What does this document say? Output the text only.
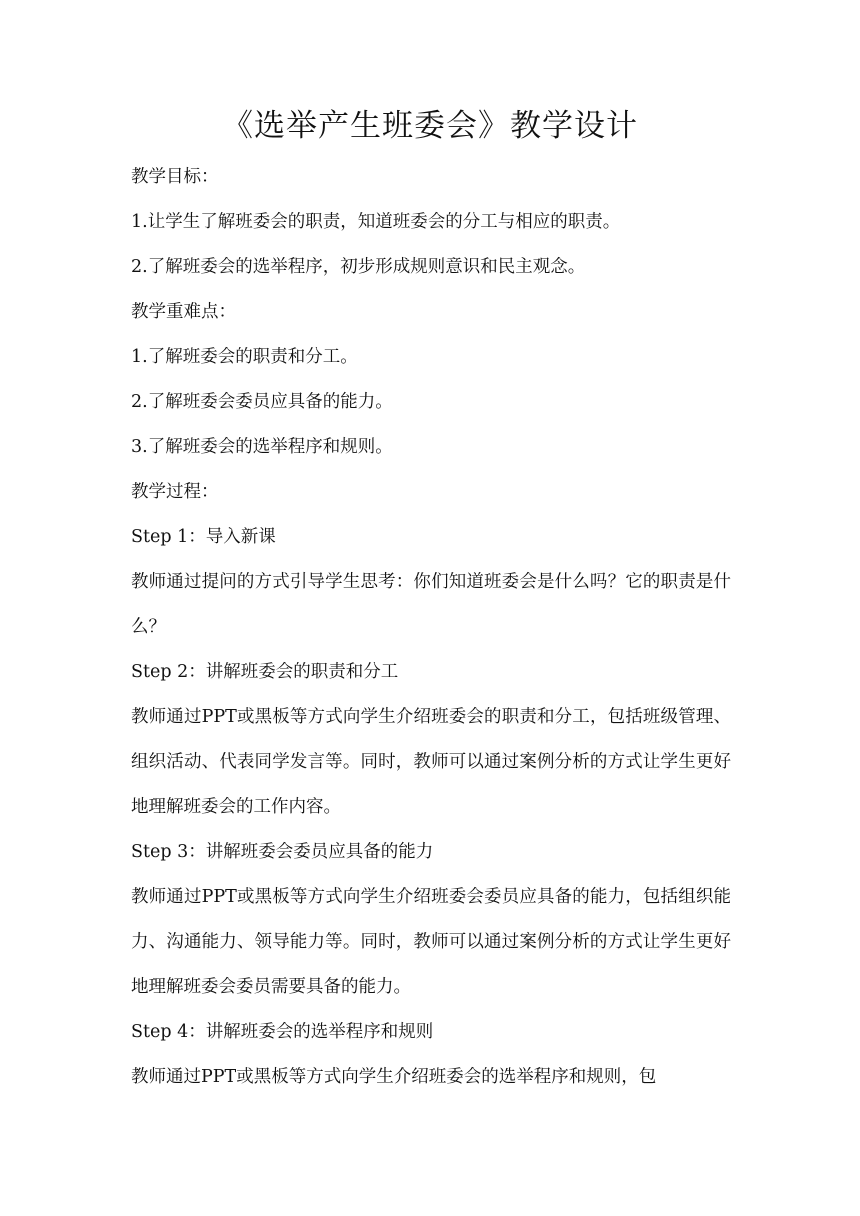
《选举产生班委会》教学设计

教学目标：

1.让学生了解班委会的职责，知道班委会的分工与相应的职责。

2.了解班委会的选举程序，初步形成规则意识和民主观念。

教学重难点：

1.了解班委会的职责和分工。

2.了解班委会委员应具备的能力。

3.了解班委会的选举程序和规则。

教学过程：

Step 1：导入新课

教师通过提问的方式引导学生思考：你们知道班委会是什么吗？它的职责是什么？

Step 2：讲解班委会的职责和分工

教师通过PPT或黑板等方式向学生介绍班委会的职责和分工，包括班级管理、组织活动、代表同学发言等。同时，教师可以通过案例分析的方式让学生更好地理解班委会的工作内容。

Step 3：讲解班委会委员应具备的能力

教师通过PPT或黑板等方式向学生介绍班委会委员应具备的能力，包括组织能力、沟通能力、领导能力等。同时，教师可以通过案例分析的方式让学生更好地理解班委会委员需要具备的能力。

Step 4：讲解班委会的选举程序和规则

教师通过PPT或黑板等方式向学生介绍班委会的选举程序和规则，包
